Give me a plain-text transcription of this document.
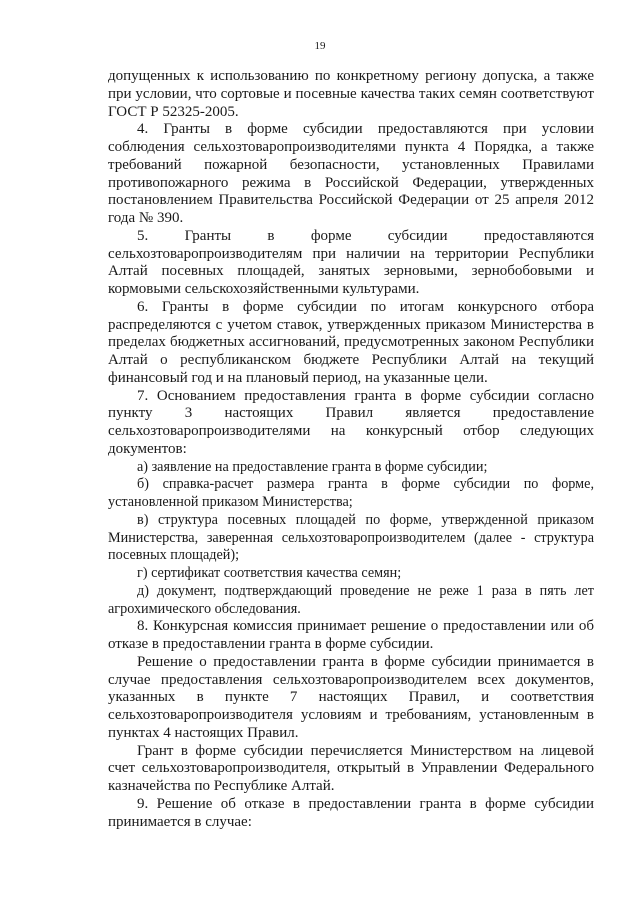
19

допущенных к использованию по конкретному региону допуска, а также при условии, что сортовые и посевные качества таких семян соответствуют ГОСТ Р 52325-2005.

4. Гранты в форме субсидии предоставляются при условии соблюдения сельхозтоваропроизводителями пункта 4 Порядка, а также требований пожарной безопасности, установленных Правилами противопожарного режима в Российской Федерации, утвержденных постановлением Правительства Российской Федерации от 25 апреля 2012 года № 390.

5. Гранты в форме субсидии предоставляются сельхозтоваропроизводителям при наличии на территории Республики Алтай посевных площадей, занятых зерновыми, зернобобовыми и кормовыми сельскохозяйственными культурами.

6. Гранты в форме субсидии по итогам конкурсного отбора распределяются с учетом ставок, утвержденных приказом Министерства в пределах бюджетных ассигнований, предусмотренных законом Республики Алтай о республиканском бюджете Республики Алтай на текущий финансовый год и на плановый период, на указанные цели.

7. Основанием предоставления гранта в форме субсидии согласно пункту 3 настоящих Правил является предоставление сельхозтоваропроизводителями на конкурсный отбор следующих документов:

а) заявление на предоставление гранта в форме субсидии;

б) справка-расчет размера гранта в форме субсидии по форме, установленной приказом Министерства;

в) структура посевных площадей по форме, утвержденной приказом Министерства, заверенная сельхозтоваропроизводителем (далее - структура посевных площадей);

г) сертификат соответствия качества семян;

д) документ, подтверждающий проведение не реже 1 раза в пять лет агрохимического обследования.

8. Конкурсная комиссия принимает решение о предоставлении или об отказе в предоставлении гранта в форме субсидии.

Решение о предоставлении гранта в форме субсидии принимается в случае предоставления сельхозтоваропроизводителем всех документов, указанных в пункте 7 настоящих Правил, и соответствия сельхозтоваропроизводителя условиям и требованиям, установленным в пунктах 4 настоящих Правил.

Грант в форме субсидии перечисляется Министерством на лицевой счет сельхозтоваропроизводителя, открытый в Управлении Федерального казначейства по Республике Алтай.

9. Решение об отказе в предоставлении гранта в форме субсидии принимается в случае:
